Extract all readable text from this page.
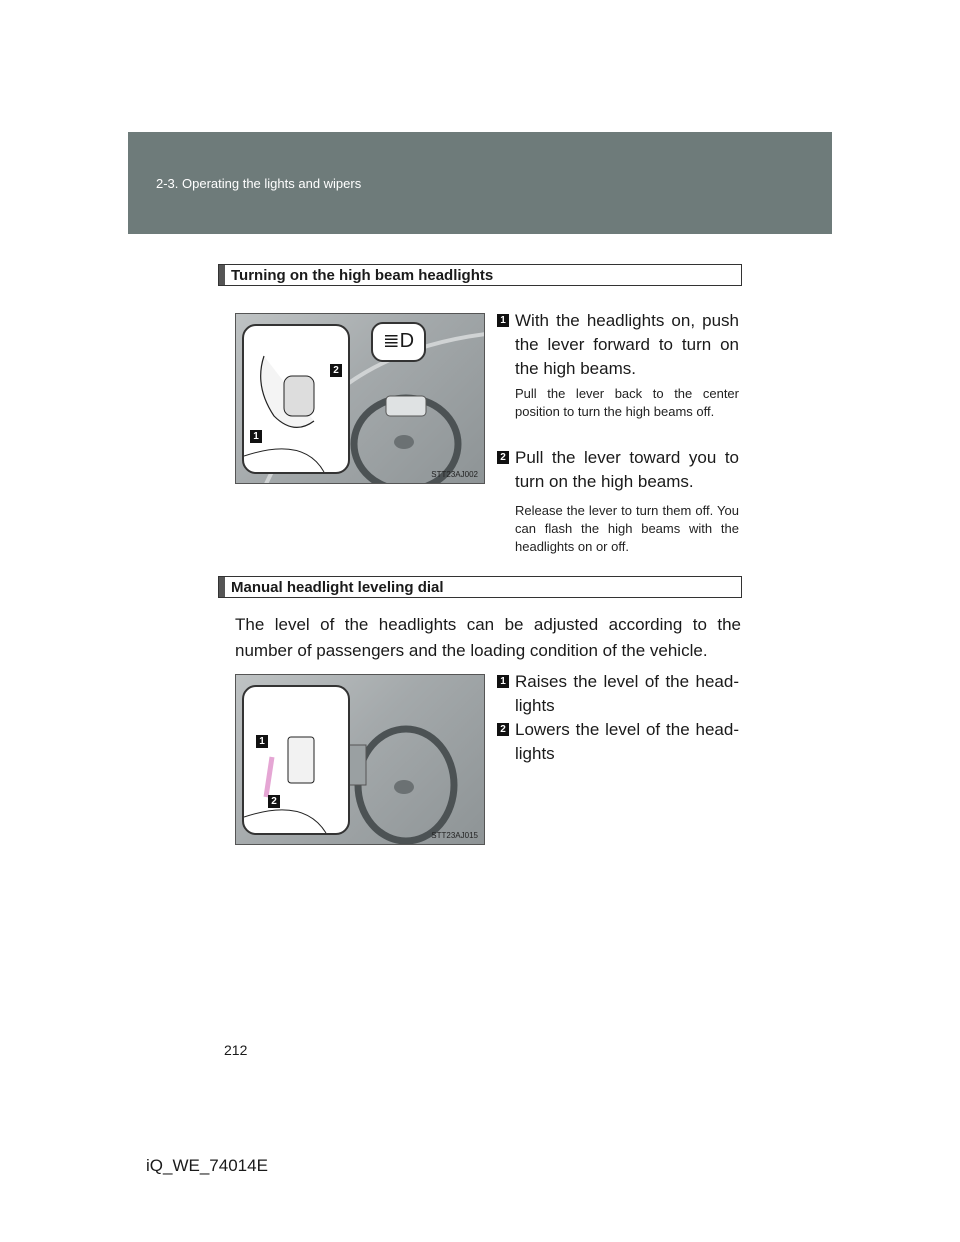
2-3. Operating the lights and wipers
Turning on the high beam headlights
1
2
≣D
STT23AJ002
1 With the headlights on, push the lever forward to turn on the high beams.
Pull the lever back to the center position to turn the high beams off.
2 Pull the lever toward you to turn on the high beams.
Release the lever to turn them off. You can flash the high beams with the headlights on or off.
Manual headlight leveling dial
The level of the headlights can be adjusted according to the number of passengers and the loading condition of the vehicle.
1
2
STT23AJ015
1 Raises the level of the head-lights
2 Lowers the level of the head-lights
212
iQ_WE_74014E
